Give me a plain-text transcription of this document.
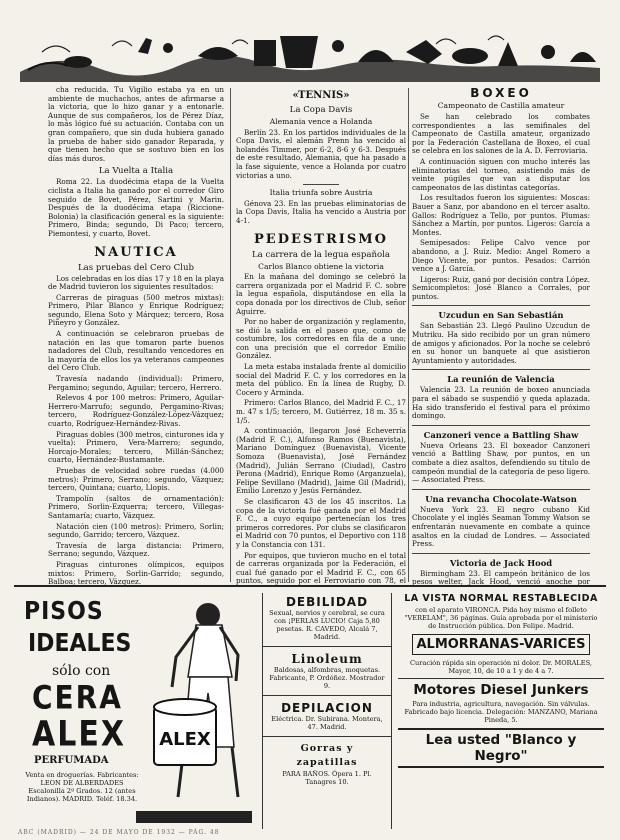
cha reducida. Tu Vigilio estaba ya en un ambiente de muchachos, antes de afirmarse a la victoria, que lo hizo ganar y a entonarle. Aunque de sus compañeros, los de Pérez Díaz, lo más lógico fué su actuación. Contaba con un gran compañero, que sin duda hubiera ganado la prueba de haber sido ganador Reparada, y que tienen hecho que se sostuvo bien en los días más duros.

La Vuelta a Italia

Roma 22. La duodécima etapa de la Vuelta ciclista a Italia ha ganado por el corredor Giro seguido de Bovet, Pérez, Sartini y Marin. Después de la duodécima etapa (Riccione-Bolonia) la clasificación general es la siguiente: Primero, Binda; segundo, Di Paco; tercero, Piemontesi, y cuarto, Bovet.

NAUTICA
Las pruebas del Cero Club

Los celebradas en los días 17 y 18 en la playa de Madrid tuvieron los siguientes resultados:

Carreras de piraguas (500 metros mixtas): Primero, Pilar Blanco y Enrique Rodríguez; segundo, Elena Soto y Márquez; tercero, Rosa Piñeyro y González.

A continuación se celebraron pruebas de natación en las que tomaron parte buenos nadadores del Club, resultando vencedores en la mayoría de ellos los ya veteranos campeones del Cero Club.

Travesía nadando (individual): Primero, Pergamino; segundo, Aguilar; tercero, Herrero.

Relevos 4 por 100 metros: Primero, Aguilar-Herrero-Marrufo; segundo, Pergamino-Rivas; tercero, Rodríguez-González-López-Vázquez; cuarto, Rodríguez-Hernández-Rivas.

Piraguas dobles (300 metros, cinturones ida y vuelta): Primero, Vera-Marrero; segundo, Horcajo-Morales; tercero, Millán-Sánchez; cuarto, Hernández-Bustamante.

Pruebas de velocidad sobre ruedas (4.000 metros): Primero, Serrano; segundo, Vázquez; tercero, Quintana; cuarto, Llopis.

Trampolín (saltos de ornamentación): Primero, Sorlin-Ezquerra; tercero, Villegas-Santamaría; cuarto, Vázquez.

Natación cien (100 metros): Primero, Sorlin; segundo, Garrido; tercero, Vázquez.

Travesía de larga distancia: Primero, Serrano; segundo, Vázquez.

Piraguas cinturones olímpicos, equipos mixtos: Primero, Sorlin-Garrido; segundo, Balboa; tercero, Vázquez.

«TENNIS»
La Copa Davis
Alemania vence a Holanda

Berlín 23. En los partidos individuales de la Copa Davis, el alemán Prenn ha vencido al holandés Timmer, por 6-2, 8-6 y 6-3. Después de este resultado, Alemania, que ha pasado a la fase siguiente, vence a Holanda por cuatro victorias a uno.

Italia triunfa sobre Austria

Génova 23. En las pruebas eliminatorias de la Copa Davis, Italia ha vencido a Austria por 4-1.

PEDESTRISMO
La carrera de la legua española
Carlos Blanco obtiene la victoria

En la mañana del domingo se celebró la carrera organizada por el Madrid F. C. sobre la legua española, disputándose en ella la copa donada por los directivos de Club, señor Aguirre.

Por no haber de organización y reglamento, se dió la salida en el paseo que, como de costumbre, los corredores en fila de a uno; con una precisión que el corredor Emilio González.

La meta estaba instalada frente al domicilio social del Madrid F. C. y los corredores en la meta del público. En la línea de Rugby, D. Cocero y Arminda.

Primero: Carlos Blanco, del Madrid F. C., 17 m. 47 s 1/5; tercero, M. Gutiérrez, 18 m. 35 s. 1/5.

A continuación, llegaron José Echeverría (Madrid F. C.), Alfonso Ramos (Buenavista), Mariano Domínguez (Buenavista), Vicente Somoza (Buenavista), José Fernández (Madrid), Julián Serrano (Ciudad), Castro Perona (Madrid), Enrique Romo (Arganzuela), Felipe Sevillano (Madrid), Jaime Gil (Madrid), Emilio Lorenzo y Jesús Fernández.

Se clasificaron 43 de los 45 inscritos. La copa de la victoria fué ganada por el Madrid F. C., a cuyo equipo pertenecían los tres primeros corredores. Por clubs se clasificaron el Madrid con 70 puntos, el Deportivo con 118 y la Constancia con 131.

Por equipos, que tuvieron mucho en el total de carreras organizada por la Federación, el cual fué ganado por el Madrid F. C., con 65 puntos, seguido por el Ferroviario con 78, el

BOXEO
Campeonato de Castilla amateur

Se han celebrado los combates correspondientes a las semifinales del Campeonato de Castilla amateur, organizado por la Federación Castellana de Boxeo, el cual se celebra en los salones de la A. D. Ferroviaria.

A continuación siguen con mucho interés las eliminatorias del torneo, asistiendo más de veinte púgiles que van a disputar los campeonatos de las distintas categorías.

Los resultados fueron los siguientes: Moscas: Bauer a Sanz, por abandono en el tercer asalto. Gallos: Rodríguez a Tello, por puntos. Plumas: Sánchez a Martín, por puntos. Ligeros: García a Montes.

Semipesados: Felipe Calvo vence por abandono, a J. Ruiz. Medio: Angel Romero a Diego Vicente, por puntos. Pesados: Carrión vence a J. García.

Ligeros: Ruiz, ganó por decisión contra López. Semicompletos: José Blanco a Corrales, por puntos.

Uzcudun en San Sebastián

San Sebastián 23. Llegó Paulino Uzcudun de Mutriku. Ha sido recibido por un gran número de amigos y aficionados. Por la noche se celebró en su honor un banquete al que asistieron Ayuntamiento y autoridades.

La reunión de Valencia

Valencia 23. La reunión de boxeo anunciada para el sábado se suspendió y queda aplazada. Ha sido transferido el festival para el próximo domingo.

Canzoneri vence a Battling Shaw

Nueva Orleans 23. El boxeador Canzoneri venció a Battling Shaw, por puntos, en un combate a diez asaltos, defendiendo su título de campeón mundial de la categoría de peso ligero. — Associated Press.

Una revancha Chocolate-Watson

Nueva York 23. El negro cubano Kid Chocolate y el inglés Seaman Tommy Watson se enfrentarán nuevamente en combate a quince asaltos en la ciudad de Londres. — Associated Press.

Victoria de Jack Hood

Birmingham 23. El campeón británico de los pesos welter, Jack Hood, venció anoche por

PISOS
IDEALES
sólo con
CERA
ALEX
PERFUMADA
Venta en droguerías. Fabricantes: LEON DE ALBERDADES
Escalonilla 2º Grados. 12 (antes Indianos). MADRID. Teléf. 18.34.
ALEX
DEBILIDAD
Sexual, nervios y cerebral, se cura con ¡PERLAS LUCIO! Caja 5,80 pesetas. R. CAVEDO, Alcalá 7, Madrid.
Linoleum
Baldosas, alfombras, moquetas. Fabricante, P. Ordóñez. Mostrador 9.
DEPILACION
Eléctrica. Dr. Subirana. Montera, 47. Madrid.
Gorras y zapatillas
PARA BAÑOS. Ópera 1. Pl. Tanagres 10.
LA VISTA NORMAL RESTABLECIDA
con el aparato VIRONCA. Pida hoy mismo el folleto "VERELAM", 36 páginas. Guía aprobada por el ministerio de Instrucción pública. Don Felipe. Madrid.
ALMORRANAS-VARICES
Curación rápida sin operación ni dolor. Dr. MORALES, Mayor, 10, de 10 a 1 y de 4 a 7.
Motores Diesel Junkers
Para industria, agricultura, navegación. Sin válvulas. Fabricado bajo licencia. Delegación: MANZANO, Mariana Pineda, 5.
Lea usted "Blanco y Negro"
ABC (MADRID) — 24 DE MAYO DE 1932 — PÁG. 48
